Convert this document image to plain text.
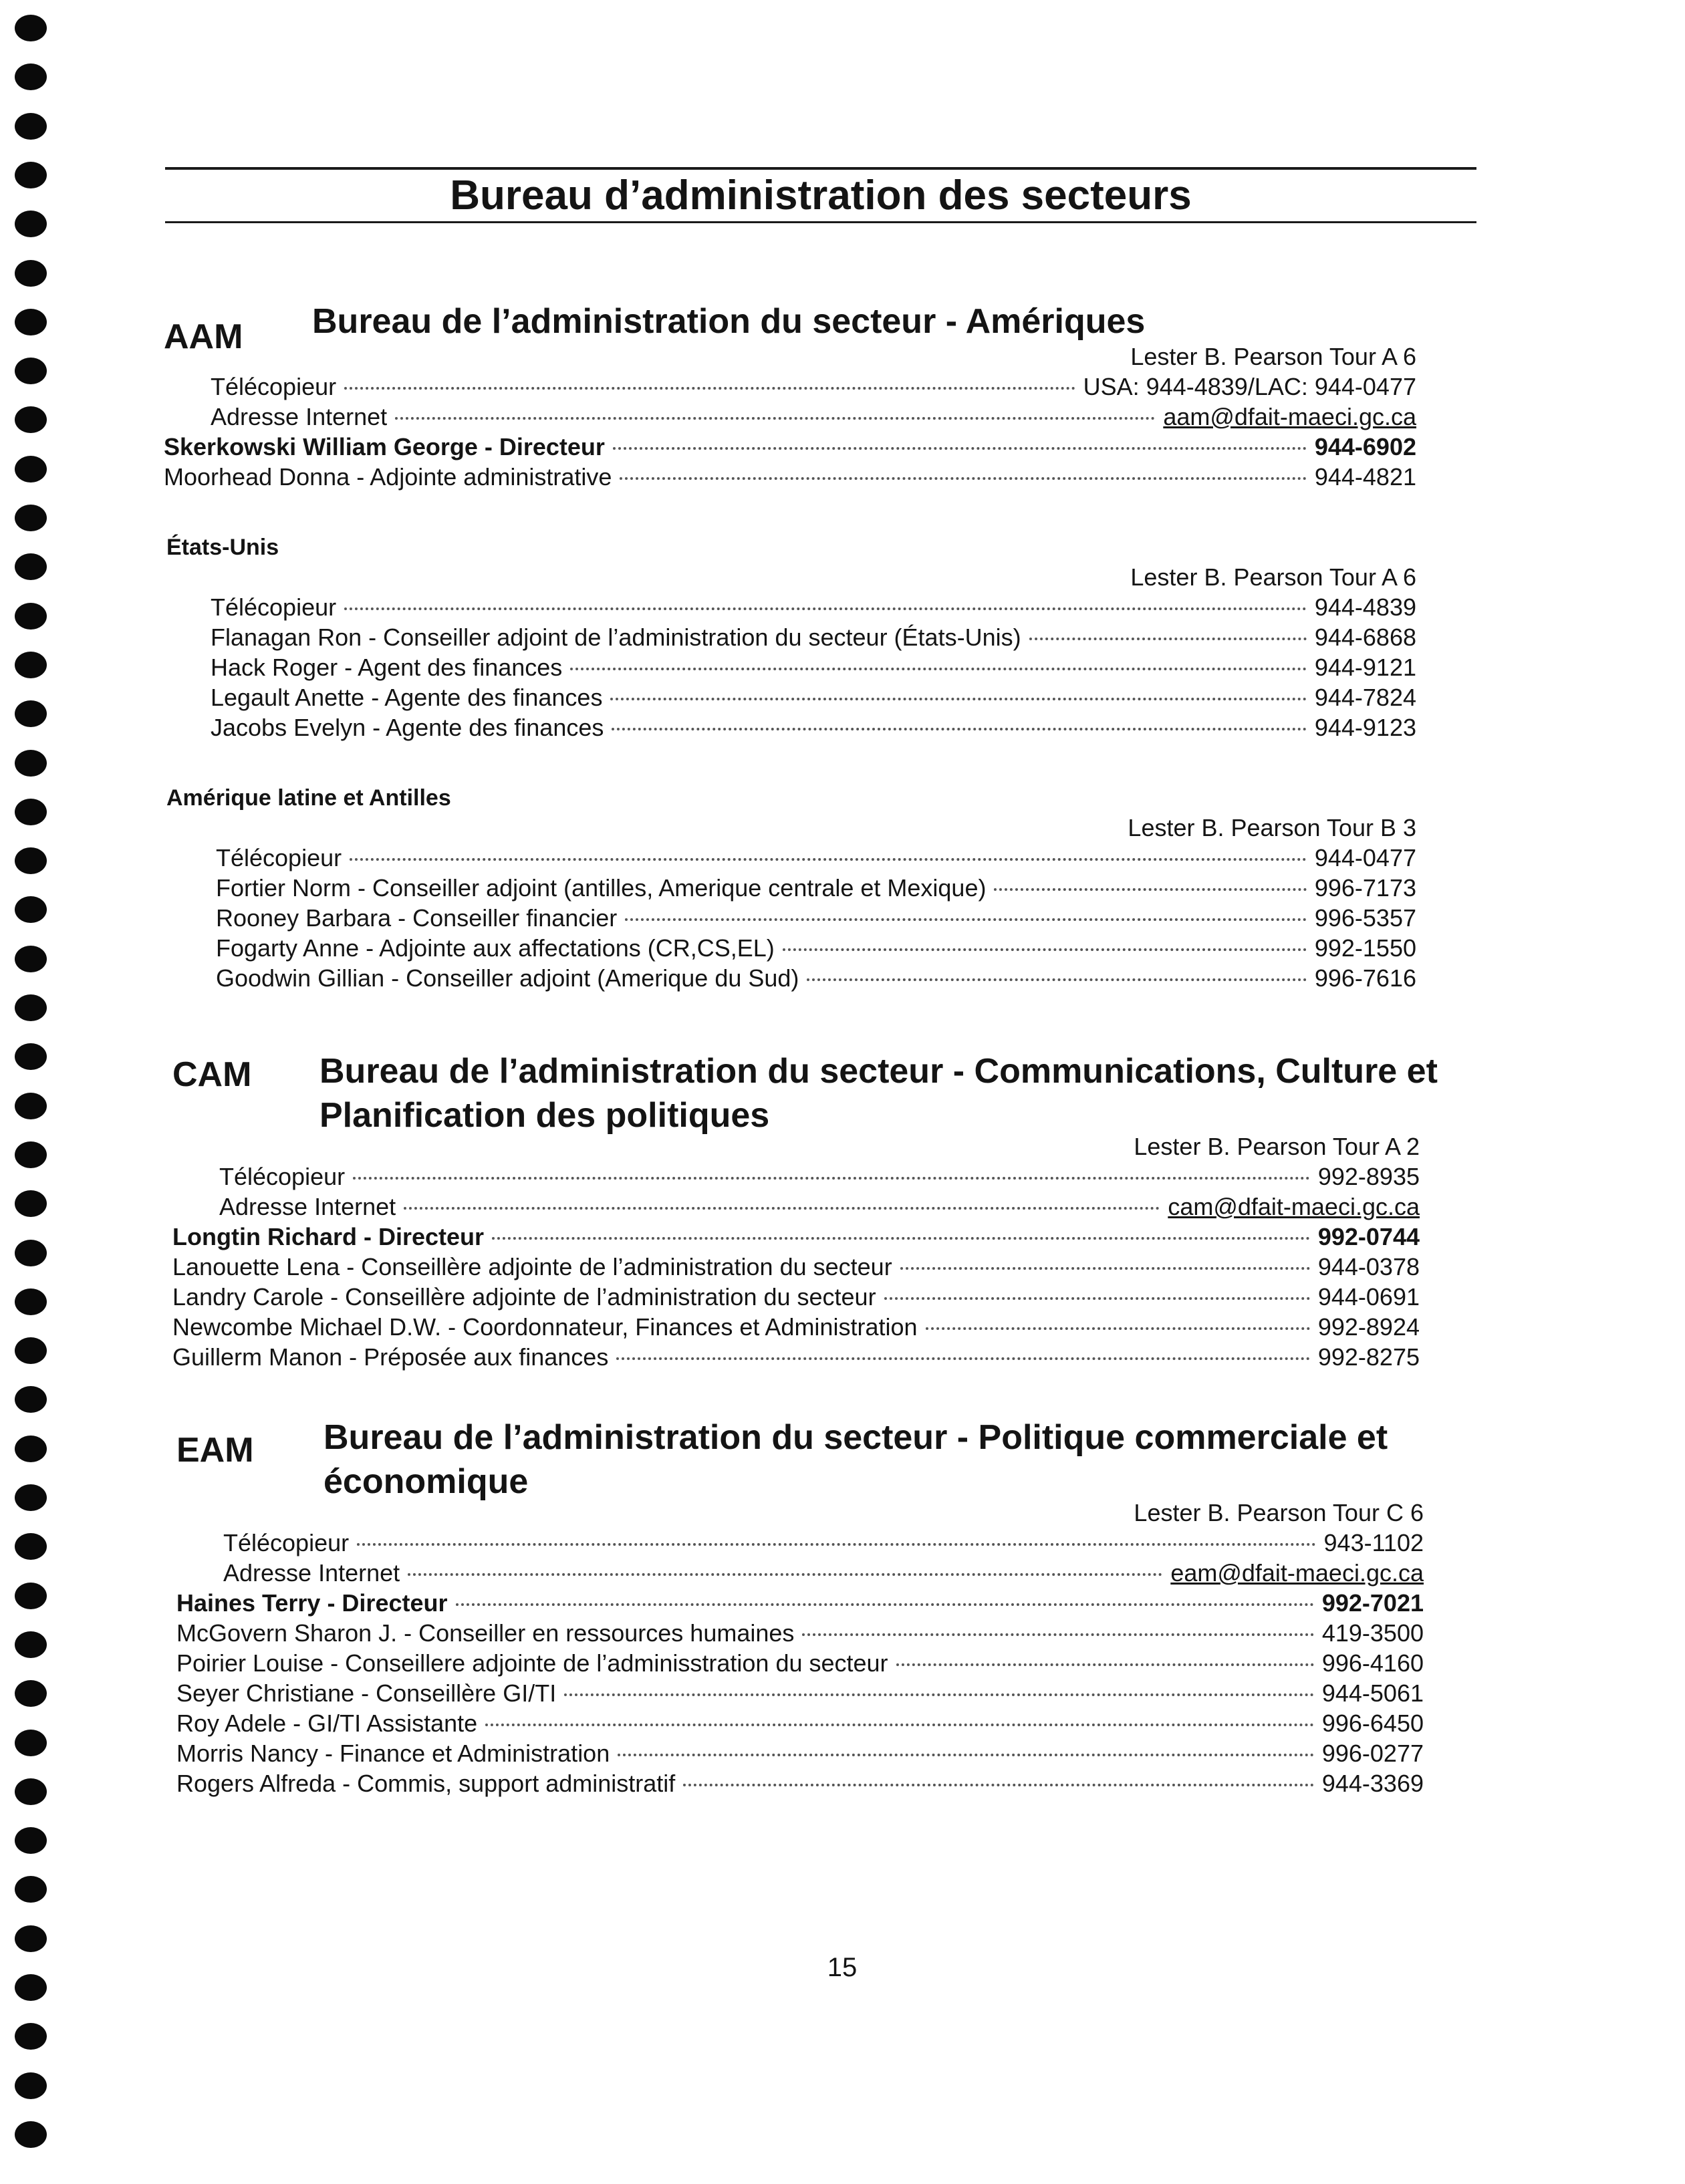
Bureau d’administration des secteurs
AAM Bureau de l’administration du secteur - Amériques
Lester B. Pearson Tour A 6
Télécopieur	USA: 944-4839/LAC: 944-0477
Adresse Internet	aam@dfait-maeci.gc.ca
Skerkowski William George - Directeur	944-6902
Moorhead Donna - Adjointe administrative	944-4821
États-Unis
Lester B. Pearson Tour A 6
Télécopieur	944-4839
Flanagan Ron - Conseiller adjoint de l’administration du secteur (États-Unis)	944-6868
Hack Roger - Agent des finances	944-9121
Legault Anette - Agente des finances	944-7824
Jacobs Evelyn - Agente des finances	944-9123
Amérique latine et Antilles
Lester B. Pearson Tour B 3
Télécopieur	944-0477
Fortier Norm - Conseiller adjoint (antilles, Amerique centrale et Mexique)	996-7173
Rooney Barbara - Conseiller financier	996-5357
Fogarty Anne - Adjointe aux affectations (CR,CS,EL)	992-1550
Goodwin Gillian - Conseiller adjoint (Amerique du Sud)	996-7616
CAM Bureau de l’administration du secteur - Communications, Culture et Planification des politiques
Lester B. Pearson Tour A 2
Télécopieur	992-8935
Adresse Internet	cam@dfait-maeci.gc.ca
Longtin Richard - Directeur	992-0744
Lanouette Lena - Conseillère adjointe de l’administration du secteur	944-0378
Landry Carole - Conseillère adjointe de l’administration du secteur	944-0691
Newcombe Michael D.W. - Coordonnateur, Finances et Administration	992-8924
Guillerm Manon - Préposée aux finances	992-8275
EAM Bureau de l’administration du secteur - Politique commerciale et économique
Lester B. Pearson Tour C 6
Télécopieur	943-1102
Adresse Internet	eam@dfait-maeci.gc.ca
Haines Terry - Directeur	992-7021
McGovern Sharon J. - Conseiller en ressources humaines	419-3500
Poirier Louise - Conseillere adjointe de l’adminisstration du secteur	996-4160
Seyer Christiane - Conseillère GI/TI	944-5061
Roy Adele - GI/TI Assistante	996-6450
Morris Nancy - Finance et Administration	996-0277
Rogers Alfreda - Commis, support administratif	944-3369
15
